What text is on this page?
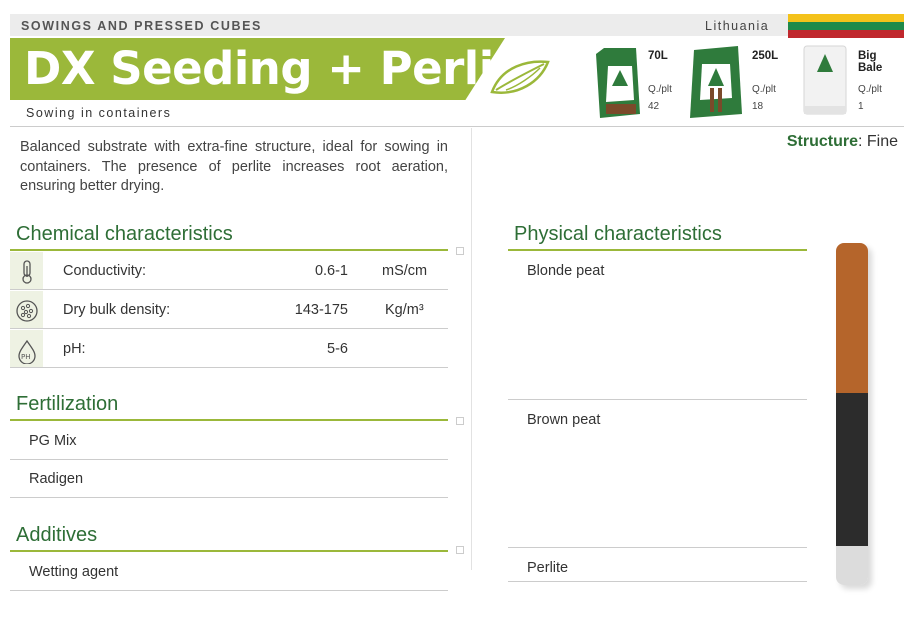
SOWINGS AND PRESSED CUBES	Lithuania
DX Seeding + Perlite
Sowing in containers
70L
Q./plt
42
250L
Q./plt
18
Big Bale
Q./plt
1
Balanced substrate with extra-fine structure, ideal for sowing in containers. The presence of perlite increases root aeration, ensuring better drying.
Structure: Fine
Chemical characteristics
Conductivity:	0.6-1 mS/cm
Dry bulk density:	143-175	Kg/m³
PH pH:	5-6
Fertilization
PG Mix
Radigen
Additives
Wetting agent
Physical characteristics
Blonde peat
Brown peat
Perlite
